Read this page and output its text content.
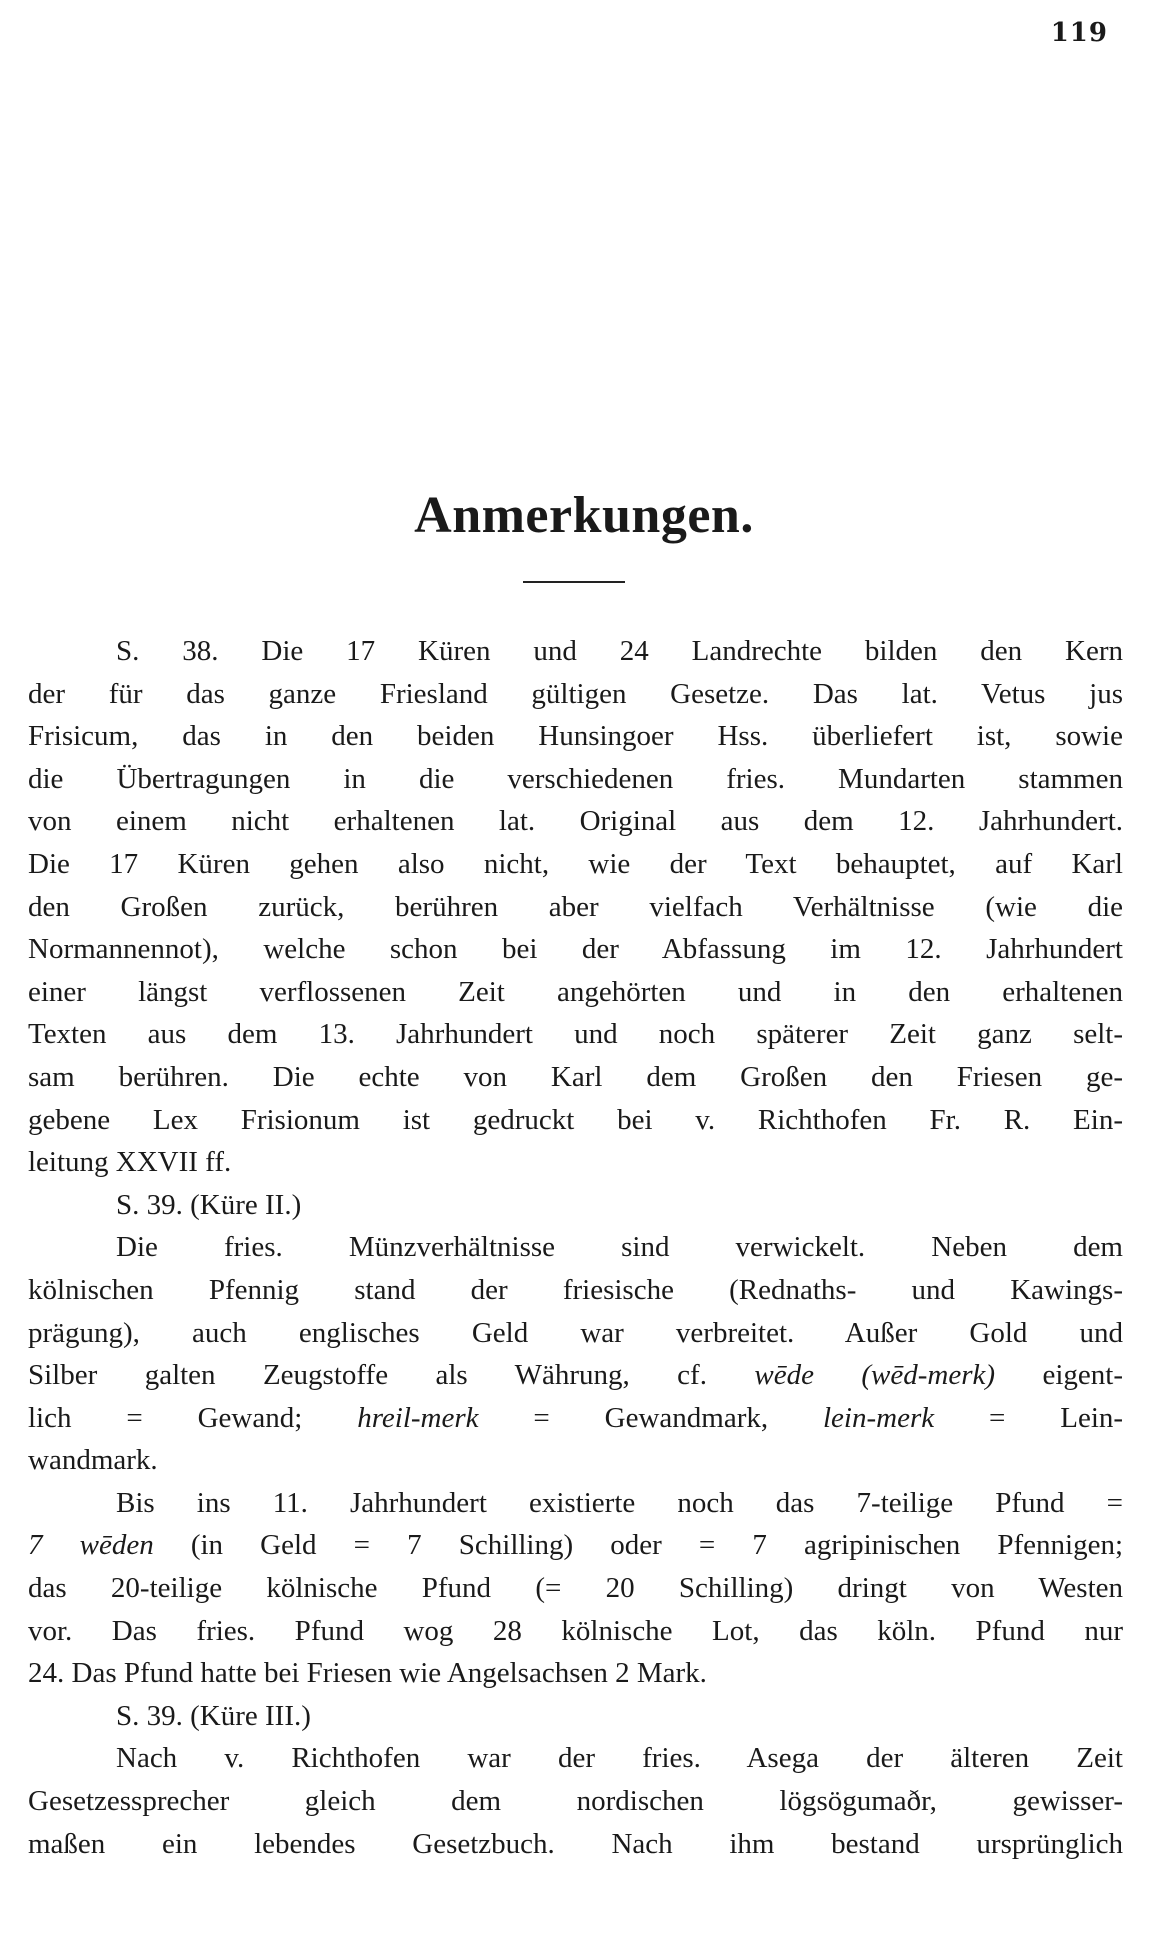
119
Anmerkungen.
S. 38. Die 17 Küren und 24 Landrechte bilden den Kern
der für das ganze Friesland gültigen Gesetze. Das lat. Vetus jus
Frisicum, das in den beiden Hunsingoer Hss. überliefert ist, sowie
die Übertragungen in die verschiedenen fries. Mundarten stammen
von einem nicht erhaltenen lat. Original aus dem 12. Jahrhundert.
Die 17 Küren gehen also nicht, wie der Text behauptet, auf Karl
den Großen zurück, berühren aber vielfach Verhältnisse (wie die
Normannennot), welche schon bei der Abfassung im 12. Jahrhundert
einer längst verflossenen Zeit angehörten und in den erhaltenen
Texten aus dem 13. Jahrhundert und noch späterer Zeit ganz selt-
sam berühren. Die echte von Karl dem Großen den Friesen ge-
gebene Lex Frisionum ist gedruckt bei v. Richthofen Fr. R. Ein-
leitung XXVII ff.
S. 39. (Küre II.)
Die fries. Münzverhältnisse sind verwickelt. Neben dem
kölnischen Pfennig stand der friesische (Rednaths- und Kawings-
prägung), auch englisches Geld war verbreitet. Außer Gold und
Silber galten Zeugstoffe als Währung, cf. wēde (wēd-merk) eigent-
lich = Gewand; hreil-merk = Gewandmark, lein-merk = Lein-
wandmark.
Bis ins 11. Jahrhundert existierte noch das 7-teilige Pfund =
7 wēden (in Geld = 7 Schilling) oder = 7 agripinischen Pfennigen;
das 20-teilige kölnische Pfund (= 20 Schilling) dringt von Westen
vor. Das fries. Pfund wog 28 kölnische Lot, das köln. Pfund nur
24. Das Pfund hatte bei Friesen wie Angelsachsen 2 Mark.
S. 39. (Küre III.)
Nach v. Richthofen war der fries. Asega der älteren Zeit
Gesetzessprecher gleich dem nordischen lögsögumaðr, gewisser-
maßen ein lebendes Gesetzbuch. Nach ihm bestand ursprünglich
